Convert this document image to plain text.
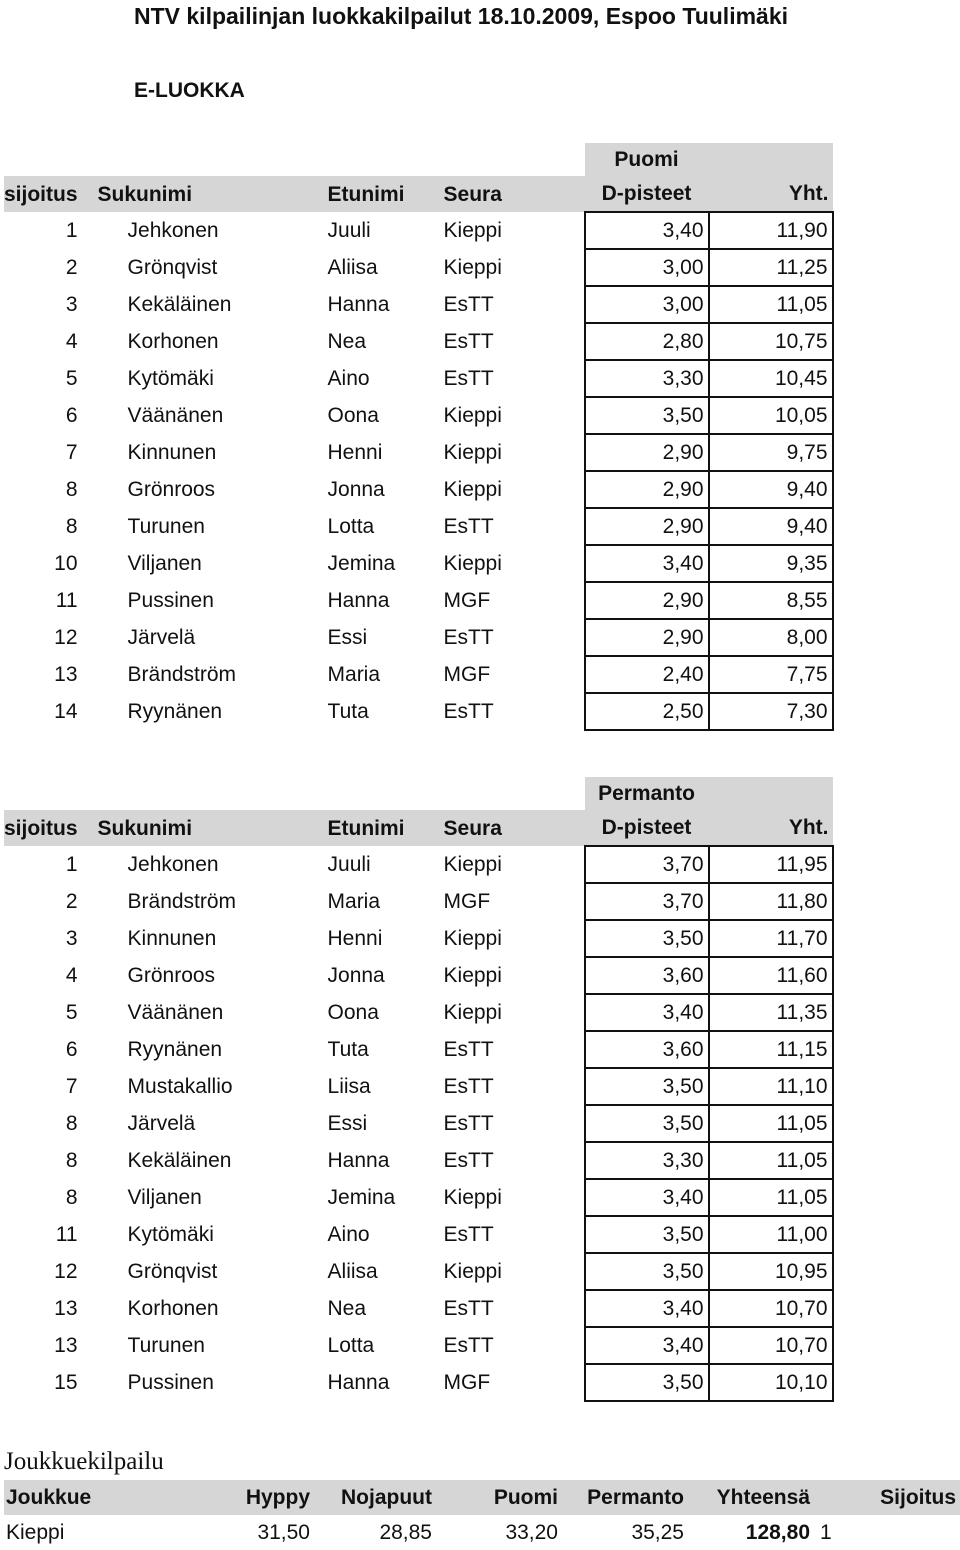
NTV kilpailinjan luokkakilpailut 18.10.2009, Espoo Tuulimäki
E-LUOKKA
				Puomi	
sijoitus	Sukunimi	Etunimi	Seura	D-pisteet	Yht.
1	Jehkonen	Juuli	Kieppi	3,40	11,90
2	Grönqvist	Aliisa	Kieppi	3,00	11,25
3	Kekäläinen	Hanna	EsTT	3,00	11,05
4	Korhonen	Nea	EsTT	2,80	10,75
5	Kytömäki	Aino	EsTT	3,30	10,45
6	Väänänen	Oona	Kieppi	3,50	10,05
7	Kinnunen	Henni	Kieppi	2,90	9,75
8	Grönroos	Jonna	Kieppi	2,90	9,40
8	Turunen	Lotta	EsTT	2,90	9,40
10	Viljanen	Jemina	Kieppi	3,40	9,35
11	Pussinen	Hanna	MGF	2,90	8,55
12	Järvelä	Essi	EsTT	2,90	8,00
13	Brändström	Maria	MGF	2,40	7,75
14	Ryynänen	Tuta	EsTT	2,50	7,30
				Permanto	
sijoitus	Sukunimi	Etunimi	Seura	D-pisteet	Yht.
1	Jehkonen	Juuli	Kieppi	3,70	11,95
2	Brändström	Maria	MGF	3,70	11,80
3	Kinnunen	Henni	Kieppi	3,50	11,70
4	Grönroos	Jonna	Kieppi	3,60	11,60
5	Väänänen	Oona	Kieppi	3,40	11,35
6	Ryynänen	Tuta	EsTT	3,60	11,15
7	Mustakallio	Liisa	EsTT	3,50	11,10
8	Järvelä	Essi	EsTT	3,50	11,05
8	Kekäläinen	Hanna	EsTT	3,30	11,05
8	Viljanen	Jemina	Kieppi	3,40	11,05
11	Kytömäki	Aino	EsTT	3,50	11,00
12	Grönqvist	Aliisa	Kieppi	3,50	10,95
13	Korhonen	Nea	EsTT	3,40	10,70
13	Turunen	Lotta	EsTT	3,40	10,70
15	Pussinen	Hanna	MGF	3,50	10,10
Joukkuekilpailu
Joukkue	Hyppy	Nojapuut	Puomi	Permanto	Yhteensä	Sijoitus
Kieppi	31,50	28,85	33,20	35,25	128,80	1
